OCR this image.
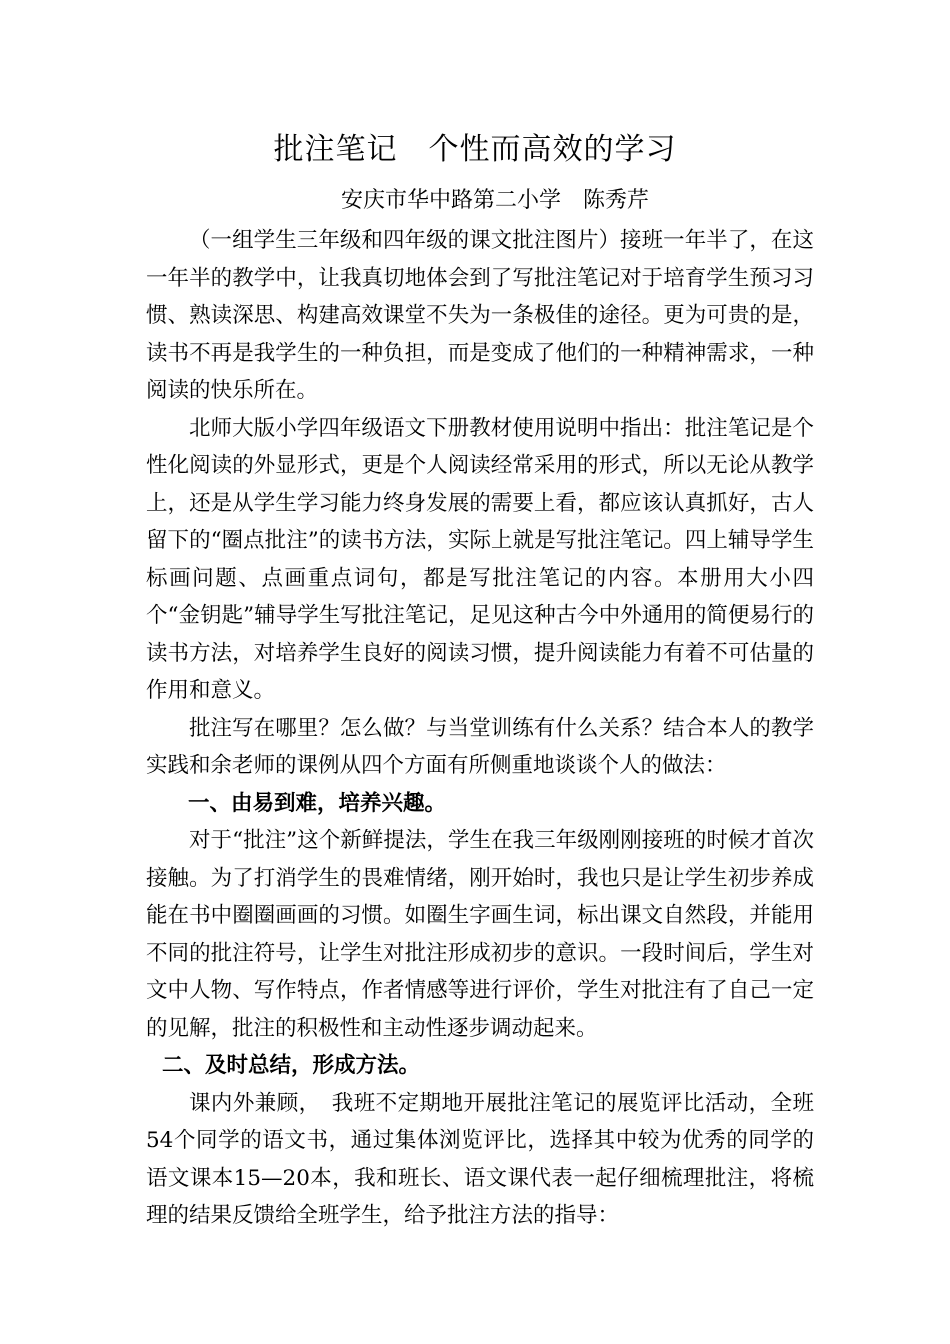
批注笔记　个性而高效的学习
安庆市华中路第二小学　陈秀芹

（一组学生三年级和四年级的课文批注图片）接班一年半了，在这一年半的教学中，让我真切地体会到了写批注笔记对于培育学生预习习惯、熟读深思、构建高效课堂不失为一条极佳的途径。更为可贵的是，读书不再是我学生的一种负担，而是变成了他们的一种精神需求，一种阅读的快乐所在。

北师大版小学四年级语文下册教材使用说明中指出：批注笔记是个性化阅读的外显形式，更是个人阅读经常采用的形式，所以无论从教学上，还是从学生学习能力终身发展的需要上看，都应该认真抓好，古人留下的“圈点批注”的读书方法，实际上就是写批注笔记。四上辅导学生标画问题、点画重点词句，都是写批注笔记的内容。本册用大小四个“金钥匙”辅导学生写批注笔记，足见这种古今中外通用的简便易行的读书方法，对培养学生良好的阅读习惯，提升阅读能力有着不可估量的作用和意义。

批注写在哪里？怎么做？与当堂训练有什么关系？结合本人的教学实践和余老师的课例从四个方面有所侧重地谈谈个人的做法：

一、由易到难，培养兴趣。

对于“批注”这个新鲜提法，学生在我三年级刚刚接班的时候才首次接触。为了打消学生的畏难情绪，刚开始时，我也只是让学生初步养成能在书中圈圈画画的习惯。如圈生字画生词，标出课文自然段，并能用不同的批注符号，让学生对批注形成初步的意识。一段时间后，学生对文中人物、写作特点，作者情感等进行评价，学生对批注有了自己一定的见解，批注的积极性和主动性逐步调动起来。

二、及时总结，形成方法。

课内外兼顾，　我班不定期地开展批注笔记的展览评比活动，全班54个同学的语文书，通过集体浏览评比，选择其中较为优秀的同学的语文课本15—20本，我和班长、语文课代表一起仔细梳理批注，将梳理的结果反馈给全班学生，给予批注方法的指导：
